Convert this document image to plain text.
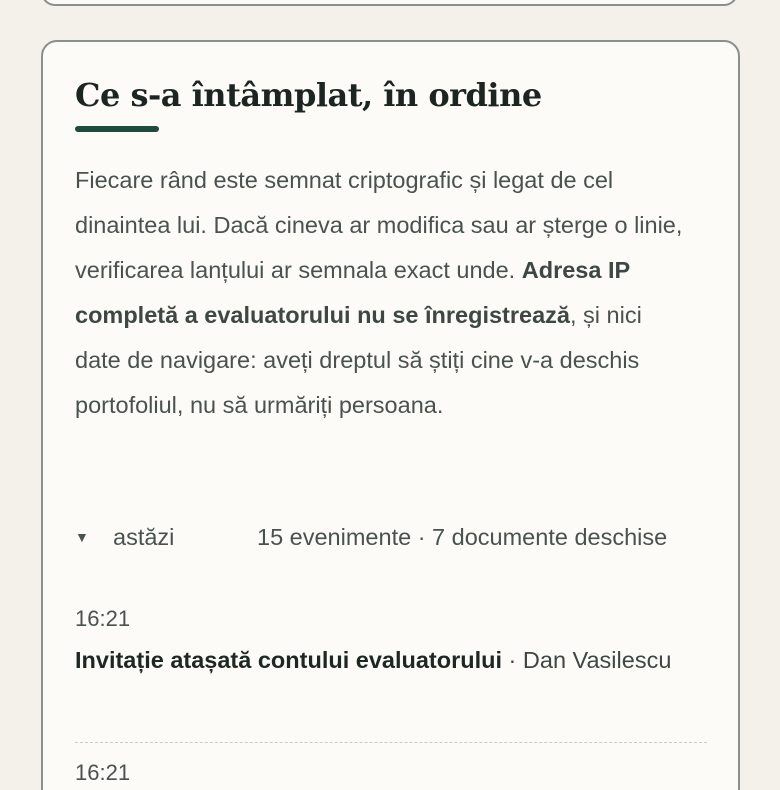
Ce s-a întâmplat, în ordine

Fiecare rând este semnat criptografic și legat de cel dinaintea lui. Dacă cineva ar modifica sau ar șterge o linie, verificarea lanțului ar semnala exact unde. Adresa IP completă a evaluatorului nu se înregistrează, și nici date de navigare: aveți dreptul să știți cine v-a deschis portofoliul, nu să urmăriți persoana.

▼ astăzi	15 evenimente · 7 documente deschise
16:21
Invitație atașată contului evaluatorului · Dan Vasilescu
16:21
